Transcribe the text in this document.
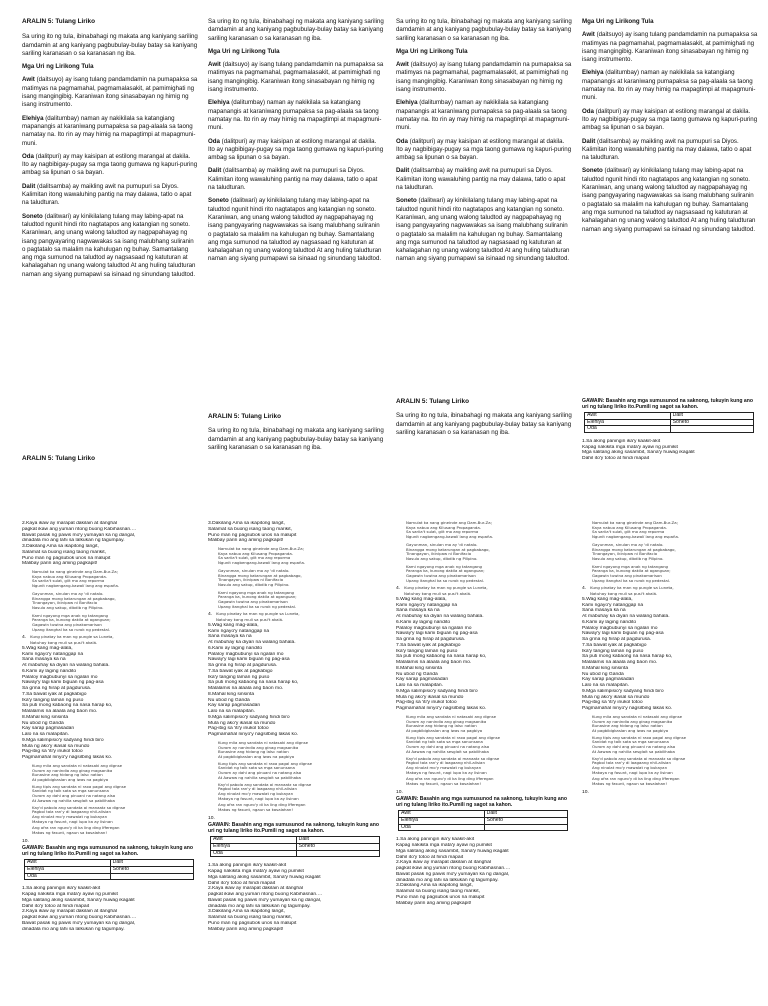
ARALIN 5: Tulang Liriko

Sa uring ito ng tula, ibinabahagi ng makata ang kaniyang sariling damdamin at ang kaniyang pagbubulay-bulay batay sa kaniyang sariling karanasan o sa karanasan ng iba.

Mga Uri ng Lirikong Tula

Awit (daitsuyo) ay isang tulang pandamdamin na pumapaksa sa matimyas na pagmamahal, pagmamalasakit, at pamimighati ng isang mangingibig. Karaniwan itong sinasabayan ng himig ng isang instrumento.

Elehiya (dalitumbay) naman ay nakikilala sa katangiang mapanangis at karaniwang pumapaksa sa pag-alaala sa taong namatay na. Ito rin ay may himig na mapagtimpi at mapagmuni-muni.

Oda (dalitpuri) ay may kaisipan at estilong marangal at dakila. Ito ay nagbibigay-pugay sa mga taong gumawa ng kapuri-puring ambag sa lipunan o sa bayan.

Dalit (dalitsamba) ay maikling awit na pumupuri sa Diyos. Kalimitan itong wawaluhing pantig na may dalawa, tatlo o apat na taludturan.

Soneto (dalitwari) ay kinikilalang tulang may labing-apat na taludtod ngunit hindi rito nagtatapos ang katangian ng soneto. Karaniwan, ang unang walong taludtod ay nagpapahayag ng isang pangyayaring nagwawakas sa isang malubhang suliranin o pagtatalo sa malalim na kahulugan ng buhay. Samantalang ang mga sumunod na taludtod ay nagsasaad ng katuturan at kahalagahan ng unang walong taludtod At ang huling taludturan naman ang siyang pumapawi sa isinaad ng sinundang taludtod.

Sa uring ito ng tula, ibinabahagi ng makata ang kaniyang sariling damdamin at ang kaniyang pagbubulay-bulay batay sa kaniyang sariling karanasan o sa karanasan ng iba.

Mga Uri ng Lirikong Tula

Awit (daitsuyo) ay isang tulang pandamdamin na pumapaksa sa matimyas na pagmamahal, pagmamalasakit, at pamimighati ng isang mangingibig. Karaniwan itong sinasabayan ng himig ng isang instrumento.

Elehiya (dalitumbay) naman ay nakikilala sa katangiang mapanangis at karaniwang pumapaksa sa pag-alaala sa taong namatay na. Ito rin ay may himig na mapagtimpi at mapagmuni-muni.

Oda (dalitpuri) ay may kaisipan at estilong marangal at dakila. Ito ay nagbibigay-pugay sa mga taong gumawa ng kapuri-puring ambag sa lipunan o sa bayan.

Dalit (dalitsamba) ay maikling awit na pumupuri sa Diyos. Kalimitan itong wawaluhing pantig na may dalawa, tatlo o apat na taludturan.

Soneto (dalitwari) ay kinikilalang tulang may labing-apat na taludtod ngunit hindi rito nagtatapos ang katangian ng soneto. Karaniwan, ang unang walong taludtod ay nagpapahayag ng isang pangyayaring nagwawakas sa isang malubhang suliranin o pagtatalo sa malalim na kahulugan ng buhay. Samantalang ang mga sumunod na taludtod ay nagsasaad ng katuturan at kahalagahan ng unang walong taludtod At ang huling taludturan naman ang siyang pumapawi sa isinaad ng sinundang taludtod.

Sa uring ito ng tula, ibinabahagi ng makata ang kaniyang sariling damdamin at ang kaniyang pagbubulay-bulay batay sa kaniyang sariling karanasan o sa karanasan ng iba.

Mga Uri ng Lirikong Tula

Awit (daitsuyo) ay isang tulang pandamdamin na pumapaksa sa matimyas na pagmamahal, pagmamalasakit, at pamimighati ng isang mangingibig. Karaniwan itong sinasabayan ng himig ng isang instrumento.

Elehiya (dalitumbay) naman ay nakikilala sa katangiang mapanangis at karaniwang pumapaksa sa pag-alaala sa taong namatay na. Ito rin ay may himig na mapagtimpi at mapagmuni-muni.

Oda (dalitpuri) ay may kaisipan at estilong marangal at dakila. Ito ay nagbibigay-pugay sa mga taong gumawa ng kapuri-puring ambag sa lipunan o sa bayan.

Dalit (dalitsamba) ay maikling awit na pumupuri sa Diyos. Kalimitan itong wawaluhing pantig na may dalawa, tatlo o apat na taludturan.

Soneto (dalitwari) ay kinikilalang tulang may labing-apat na taludtod ngunit hindi rito nagtatapos ang katangian ng soneto. Karaniwan, ang unang walong taludtod ay nagpapahayag ng isang pangyayaring nagwawakas sa isang malubhang suliranin o pagtatalo sa malalim na kahulugan ng buhay. Samantalang ang mga sumunod na taludtod ay nagsasaad ng katuturan at kahalagahan ng unang walong taludtod At ang huling taludturan naman ang siyang pumapawi sa isinaad ng sinundang taludtod.

Mga Uri ng Lirikong Tula

Awit (daitsuyo) ay isang tulang pandamdamin na pumapaksa sa matimyas na pagmamahal, pagmamalasakit, at pamimighati ng isang mangingibig. Karaniwan itong sinasabayan ng himig ng isang instrumento.

Elehiya (dalitumbay) naman ay nakikilala sa katangiang mapanangis at karaniwang pumapaksa sa pag-alaala sa taong namatay na. Ito rin ay may himig na mapagtimpi at mapagmuni-muni.

Oda (dalitpuri) ay may kaisipan at estilong marangal at dakila. Ito ay nagbibigay-pugay sa mga taong gumawa ng kapuri-puring ambag sa lipunan o sa bayan.

Dalit (dalitsamba) ay maikling awit na pumupuri sa Diyos. Kalimitan itong wawaluhing pantig na may dalawa, tatlo o apat na taludturan.

Soneto (dalitwari) ay kinikilalang tulang may labing-apat na taludtod ngunit hindi rito nagtatapos ang katangian ng soneto. Karaniwan, ang unang walong taludtod ay nagpapahayag ng isang pangyayaring nagwawakas sa isang malubhang suliranin o pagtatalo sa malalim na kahulugan ng buhay. Samantalang ang mga sumunod na taludtod ay nagsasaad ng katuturan at kahalagahan ng unang walong taludtod At ang huling taludturan naman ang siyang pumapawi sa isinaad ng sinundang taludtod.

ARALIN 5: Tulang Liriko
ARALIN 5: Tulang Liriko

Sa uring ito ng tula, ibinabahagi ng makata ang kaniyang sariling damdamin at ang kaniyang pagbubulay-bulay batay sa kaniyang sariling karanasan o sa karanasan ng iba.

ARALIN 5: Tulang Liriko

Sa uring ito ng tula, ibinabahagi ng makata ang kaniyang sariling damdamin at ang kaniyang pagbubulay-bulay batay sa kaniyang sariling karanasan o sa karanasan ng iba.

GAWAIN: Basahin ang mga sumusunod na saknong, tukuyin kung ano uri ng tulang liriko ito.Pumili ng sagot sa kahon.
Awit	Dalit
Elehiya	Soneto
Oda	
1.Sa aking paningin ika'y kaakit-akit
Kapag nakikita mga mata'y ayaw ng pumikit
Mga salitang aking sasambit, Sana'y huwag ikagalit
Dahil ito'y totoo at hindi mapait
2.Kaya ikaw ay marapat dakilain at itanghal
pagkat ikaw ang yumari ritong buong Kabihasnan.…
Bawat pasak ng pawis mo'y yumayari ka ng dangal,
dinadala mo ang lahi sa lalkukan ng tagumpay.
3.Dakilang Ama sa ikapitong langit,
Salamat sa buong isang taong marikit,
Puno man ng pagsubok unos na malupit
Malibay parin ang aming pagkapit!
Namulat ka nang gineinde ang Dam-Bur-Za;
Kaya nabuo ang Kilusang Propaganda.
Sa sariia't sulat, giit mo ang reporma
Ngunit nagbengang-kawalí lang ang españa.
Gayunman, sinulan mo ay 'di natalo.
Binangga mong katarungan at pagbabago,
Tinangayan, ikinipaw ni Bonifacio
Nasulo ang sakup, dibdib ng Pilipino.
Kami ngayong mga anak ng tatangang
Paranga ka, kunong dakila at aganguan;
Gagawin tuwina ang pinakamarison
Upang itanghal ka sa rurok ng pedestal.
4. Kung pinatay ka man ng pungle sa Luneta,
Natuhay kang muli sa pusi't akalá.
5.Wag kang mag-alala,
Kami ngayo'y natanggap na
Sana masaya ka na
At mabuhay ka diyan na walang bahala.
6.Kami ay laging nandito
Palaloy magbubunyi sa ngalan mo
Naway'y lagi kami biguan ng pag-asa
Sa grina ng hirap at pagdurusa.
7.Sa bawat iyak at pagkabigo
Ika'y tanging laman ng puso
Sa puti mong kabaong na nasa harap ko,
Malalamis na alaala ang baon mo.
8.Mahal king sinsinta
Nu ubod ng Ganda
Kay sarap pagmasadan
Lalo na sa malapitan.
9.Mga salimpisio'y sadyang hindi biro
Mula ng ako'y ikasal sa mundo
Pag-ibig sa 'iti'y inukol totoo
Pagmamahal ninyo'y nagsilbing lakas ko.
Kung mlia ang sandata ni natasaki ang dignse
Ourom ay nanindia ang ginag magsanika
Bunasine ang hidang ng lalsc nation
At pagbibigkaslan ang iwas na pagbiya
Kung tipis ang sandata ni raxa pagal ang dignse
Sanidat ng talk sata sa mga sanunsana
Ourom ay dahi ang pinuani na natang alsa
At Aawaw ng nahilia sesglait sa pabilihaba
Kay'd pabola ang sandata ai manaatz sa dignse
Pagbol tala ran'y di laagaang nhil-alisian
Ang ninolat mo'y mawalat ng bukayan
Makaya ng fasunt, nagi lupa ka ay lisinan
Ang ofra ran nguro'y di ka ling ding Ifferegan
Makas ng fasunt, ngaun sa kasalahan!
10.
GAWAIN: Basahin ang mga sumusunod na saknong, tukuyin kung ano uri ng tulang liriko ito.Pumili ng sagot sa kahon.
Awit	Dalit
Elehiya	Soneto
Oda	
1.Sa aking paningin ika'y kaakit-akit
Kapag nakikita mga mata'y ayaw ng pumikit
Mga salitang aking sasambit, Sana'y huwag ikagalit
Dahil ito'y totoo at hindi mapait
2.Kaya ikaw ay marapat dakilain at itanghal
pagkat ikaw ang yumari ritong buong Kabihasnan.…
Bawat pasak ng pawis mo'y yumayari ka ng dangal,
dinadala mo ang lahi sa lalkukan ng tagumpay.
3.Dakilang Ama sa ikapitong langit,
Salamat sa buong isang taong marikit,
Puno man ng pagsubok unos na malupit
Malibay parin ang aming pagkapit!
Namulat ka nang gineinde ang Dam-Bur-Za;
Kaya nabuo ang Kilusang Propaganda.
Sa sariia't sulat, giit mo ang reporma
Ngunit nagbengang-kawalí lang ang españa.
Gayunman, sinulan mo ay 'di natalo.
Binangga mong katarungan at pagbabago,
Tinangayan, ikinipaw ni Bonifacio
Nasulo ang sakup, dibdib ng Pilipino.
Kami ngayong mga anak ng tatangang
Paranga ka, kunong dakila at aganguan;
Gagawin tuwina ang pinakamarison
Upang itanghal ka sa rurok ng pedestal.
4. Kung pinatay ka man ng pungle sa Luneta,
Natuhay kang muli sa pusi't akalá.
5.Wag kang mag-alala,
Kami ngayo'y natanggap na
Sana masaya ka na
At mabuhay ka diyan na walang bahala.
6.Kami ay laging nandito
Palaloy magbubunyi sa ngalan mo
Naway'y lagi kami biguan ng pag-asa
Sa grina ng hirap at pagdurusa.
7.Sa bawat iyak at pagkabigo
Ika'y tanging laman ng puso
Sa puti mong kabaong na nasa harap ko,
Malalamis na alaala ang baon mo.
8.Mahal king sinsinta
Nu ubod ng Ganda
Kay sarap pagmasadan
Lalo na sa malapitan.
9.Mga salimpisio'y sadyang hindi biro
Mula ng ako'y ikasal sa mundo
Pag-ibig sa 'iti'y inukol totoo
Pagmamahal ninyo'y nagsilbing lakas ko.
Kung mlia ang sandata ni natasaki ang dignse
Ourom ay nanindia ang ginag magsanika
Bunasine ang hidang ng lalsc nation
At pagbibigkaslan ang iwas na pagbiya
Kung tipis ang sandata ni raxa pagal ang dignse
Sanidat ng talk sata sa mga sanunsana
Ourom ay dahi ang pinuani na natang alsa
At Aawaw ng nahilia sesglait sa pabilihaba
Kay'd pabola ang sandata ai manaatz sa dignse
Pagbol tala ran'y di laagaang nhil-alisian
Ang ninolat mo'y mawalat ng bukayan
Makaya ng fasunt, nagi lupa ka ay lisinan
Ang ofra ran nguro'y di ka ling ding Ifferegan
Makas ng fasunt, ngaun sa kasalahan!
10.
GAWAIN: Basahin ang mga sumusunod na saknong, tukuyin kung ano uri ng tulang liriko ito.Pumili ng sagot sa kahon.
Awit	Dalit
Elehiya	Soneto
Oda	
1.Sa aking paningin ika'y kaakit-akit
Kapag nakikita mga mata'y ayaw ng pumikit
Mga salitang aking sasambit, Sana'y huwag ikagalit
Dahil ito'y totoo at hindi mapait
2.Kaya ikaw ay marapat dakilain at itanghal
pagkat ikaw ang yumari ritong buong Kabihasnan.…
Bawat pasak ng pawis mo'y yumayari ka ng dangal,
dinadala mo ang lahi sa lalkukan ng tagumpay.
3.Dakilang Ama sa ikapitong langit,
Salamat sa buong isang taong marikit,
Puno man ng pagsubok unos na malupit
Malibay parin ang aming pagkapit!
Namulat ka nang gineinde ang Dam-Bur-Za;
Kaya nabuo ang Kilusang Propaganda.
Sa sariia't sulat, giit mo ang reporma
Ngunit nagbengang-kawalí lang ang españa.
Gayunman, sinulan mo ay 'di natalo.
Binangga mong katarungan at pagbabago,
Tinangayan, ikinipaw ni Bonifacio
Nasulo ang sakup, dibdib ng Pilipino.
Kami ngayong mga anak ng tatangang
Paranga ka, kunong dakila at aganguan;
Gagawin tuwina ang pinakamarison
Upang itanghal ka sa rurok ng pedestal.
4. Kung pinatay ka man ng pungle sa Luneta,
Natuhay kang muli sa pusi't akalá.
5.Wag kang mag-alala,
Kami ngayo'y natanggap na
Sana masaya ka na
At mabuhay ka diyan na walang bahala.
6.Kami ay laging nandito
Palaloy magbubunyi sa ngalan mo
Naway'y lagi kami biguan ng pag-asa
Sa grina ng hirap at pagdurusa.
7.Sa bawat iyak at pagkabigo
Ika'y tanging laman ng puso
Sa puti mong kabaong na nasa harap ko,
Malalamis na alaala ang baon mo.
8.Mahal king sinsinta
Nu ubod ng Ganda
Kay sarap pagmasadan
Lalo na sa malapitan.
9.Mga salimpisio'y sadyang hindi biro
Mula ng ako'y ikasal sa mundo
Pag-ibig sa 'iti'y inukol totoo
Pagmamahal ninyo'y nagsilbing lakas ko.
Kung mlia ang sandata ni natasaki ang dignse
Ourom ay nanindia ang ginag magsanika
Bunasine ang hidang ng lalsc nation
At pagbibigkaslan ang iwas na pagbiya
Kung tipis ang sandata ni raxa pagal ang dignse
Sanidat ng talk sata sa mga sanunsana
Ourom ay dahi ang pinuani na natang alsa
At Aawaw ng nahilia sesglait sa pabilihaba
Kay'd pabola ang sandata ai manaatz sa dignse
Pagbol tala ran'y di laagaang nhil-alisian
Ang ninolat mo'y mawalat ng bukayan
Makaya ng fasunt, nagi lupa ka ay lisinan
Ang ofra ran nguro'y di ka ling ding Ifferegan
Makas ng fasunt, ngaun sa kasalahan!
10.
GAWAIN: Basahin ang mga sumusunod na saknong, tukuyin kung ano uri ng tulang liriko ito.Pumili ng sagot sa kahon.
Awit	Dalit
Elehiya	Soneto
Oda	
1.Sa aking paningin ika'y kaakit-akit
Kapag nakikita mga mata'y ayaw ng pumikit
Mga salitang aking sasambit, Sana'y huwag ikagalit
Dahil ito'y totoo at hindi mapait
2.Kaya ikaw ay marapat dakilain at itanghal
pagkat ikaw ang yumari ritong buong Kabihasnan.…
Bawat pasak ng pawis mo'y yumayari ka ng dangal,
dinadala mo ang lahi sa lalkukan ng tagumpay.
3.Dakilang Ama sa ikapitong langit,
Salamat sa buong isang taong marikit,
Puno man ng pagsubok unos na malupit
Malibay parin ang aming pagkapit!
Namulat ka nang gineinde ang Dam-Bur-Za;
Kaya nabuo ang Kilusang Propaganda.
Sa sariia't sulat, giit mo ang reporma
Ngunit nagbengang-kawalí lang ang españa.
Gayunman, sinulan mo ay 'di natalo.
Binangga mong katarungan at pagbabago,
Tinangayan, ikinipaw ni Bonifacio
Nasulo ang sakup, dibdib ng Pilipino.
Kami ngayong mga anak ng tatangang
Paranga ka, kunong dakila at aganguan;
Gagawin tuwina ang pinakamarison
Upang itanghal ka sa rurok ng pedestal.
4. Kung pinatay ka man ng pungle sa Luneta,
Natuhay kang muli sa pusi't akalá.
5.Wag kang mag-alala,
Kami ngayo'y natanggap na
Sana masaya ka na
At mabuhay ka diyan na walang bahala.
6.Kami ay laging nandito
Palaloy magbubunyi sa ngalan mo
Naway'y lagi kami biguan ng pag-asa
Sa grina ng hirap at pagdurusa.
7.Sa bawat iyak at pagkabigo
Ika'y tanging laman ng puso
Sa puti mong kabaong na nasa harap ko,
Malalamis na alaala ang baon mo.
8.Mahal king sinsinta
Nu ubod ng Ganda
Kay sarap pagmasadan
Lalo na sa malapitan.
9.Mga salimpisio'y sadyang hindi biro
Mula ng ako'y ikasal sa mundo
Pag-ibig sa 'iti'y inukol totoo
Pagmamahal ninyo'y nagsilbing lakas ko.
Kung mlia ang sandata ni natasaki ang dignse
Ourom ay nanindia ang ginag magsanika
Bunasine ang hidang ng lalsc nation
At pagbibigkaslan ang iwas na pagbiya
Kung tipis ang sandata ni raxa pagal ang dignse
Sanidat ng talk sata sa mga sanunsana
Ourom ay dahi ang pinuani na natang alsa
At Aawaw ng nahilia sesglait sa pabilihaba
Kay'd pabola ang sandata ai manaatz sa dignse
Pagbol tala ran'y di laagaang nhil-alisian
Ang ninolat mo'y mawalat ng bukayan
Makaya ng fasunt, nagi lupa ka ay lisinan
Ang ofra ran nguro'y di ka ling ding Ifferegan
Makas ng fasunt, ngaun sa kasalahan!
10.
